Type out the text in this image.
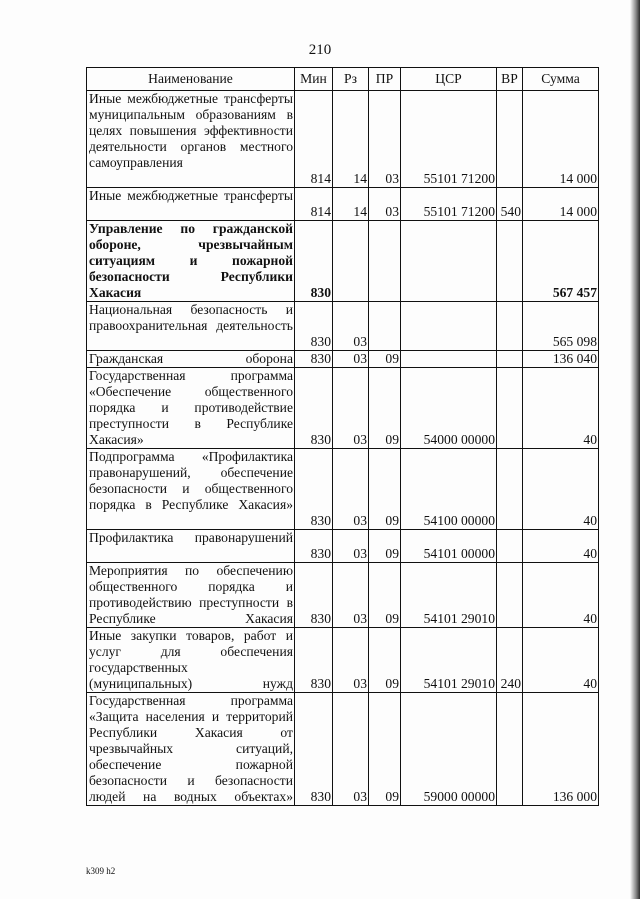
210
Наименование	Мин	Рз	ПР	ЦСР	ВР	Сумма
Иные межбюджетные трансферты муниципальным образованиям в целях повышения эффективности деятельности органов местного самоуправления	814	14	03	55101 71200		14 000
Иные межбюджетные трансферты	814	14	03	55101 71200	540	14 000
Управление по гражданской обороне, чрезвычайным ситуациям и пожарной безопасности Республики Хакасия	830					567 457
Национальная безопасность и правоохранительная деятельность	830	03				565 098
Гражданская оборона	830	03	09			136 040
Государственная программа «Обеспечение общественного порядка и противодействие преступности в Республике Хакасия»	830	03	09	54000 00000		40
Подпрограмма «Профилактика правонарушений, обеспечение безопасности и общественного порядка в Республике Хакасия»	830	03	09	54100 00000		40
Профилактика правонарушений	830	03	09	54101 00000		40
Мероприятия по обеспечению общественного порядка и противодействию преступности в Республике Хакасия	830	03	09	54101 29010		40
Иные закупки товаров, работ и услуг для обеспечения государственных (муниципальных) нужд	830	03	09	54101 29010	240	40
Государственная программа «Защита населения и территорий Республики Хакасия от чрезвычайных ситуаций, обеспечение пожарной безопасности и безопасности людей на водных объектах»	830	03	09	59000 00000		136 000
k309 h2
